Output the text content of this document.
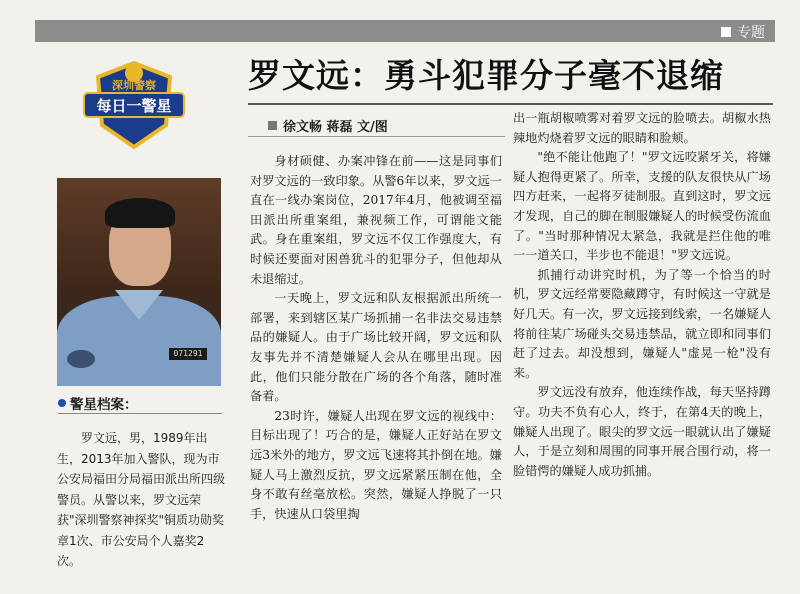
专题
深圳警察
每日一警星
罗文远：勇斗犯罪分子毫不退缩
徐文畅 蒋磊 文/图
071291
警星档案：
罗文远，男，1989年出生，2013年加入警队，现为市公安局福田分局福田派出所四级警员。从警以来，罗文远荣获"深圳警察神探奖"铜质功勋奖章1次、市公安局个人嘉奖2次。

身材硕健、办案冲锋在前——这是同事们对罗文远的一致印象。从警6年以来，罗文远一直在一线办案岗位，2017年4月，他被调至福田派出所重案组，兼视频工作，可谓能文能武。身在重案组，罗文远不仅工作强度大，有时候还要面对困兽犹斗的犯罪分子，但他却从未退缩过。

一天晚上，罗文远和队友根据派出所统一部署，来到辖区某广场抓捕一名非法交易违禁品的嫌疑人。由于广场比较开阔，罗文远和队友事先并不清楚嫌疑人会从在哪里出现。因此，他们只能分散在广场的各个角落，随时准备着。

23时许，嫌疑人出现在罗文远的视线中：目标出现了！巧合的是，嫌疑人正好站在罗文远3米外的地方，罗文远飞速将其扑倒在地。嫌疑人马上激烈反抗，罗文远紧紧压制在他，全身不敢有丝毫放松。突然，嫌疑人挣脱了一只手，快速从口袋里掏

出一瓶胡椒喷雾对着罗文远的脸喷去。胡椒水热辣地灼烧着罗文远的眼睛和脸颊。

"绝不能让他跑了！"罗文远咬紧牙关，将嫌疑人抱得更紧了。所幸，支援的队友很快从广场四方赶来，一起将歹徒制服。直到这时，罗文远才发现，自己的脚在制服嫌疑人的时候受伤流血了。"当时那种情况太紧急，我就是拦住他的唯一一道关口，半步也不能退！"罗文远说。

抓捕行动讲究时机，为了等一个恰当的时机，罗文远经常要隐藏蹲守，有时候这一守就是好几天。有一次，罗文远接到线索，一名嫌疑人将前往某广场碰头交易违禁品，就立即和同事们赶了过去。却没想到，嫌疑人"虚晃一枪"没有来。

罗文远没有放弃，他连续作战，每天坚持蹲守。功夫不负有心人，终于，在第4天的晚上，嫌疑人出现了。眼尖的罗文远一眼就认出了嫌疑人，于是立刻和周围的同事开展合围行动，将一脸错愕的嫌疑人成功抓捕。
